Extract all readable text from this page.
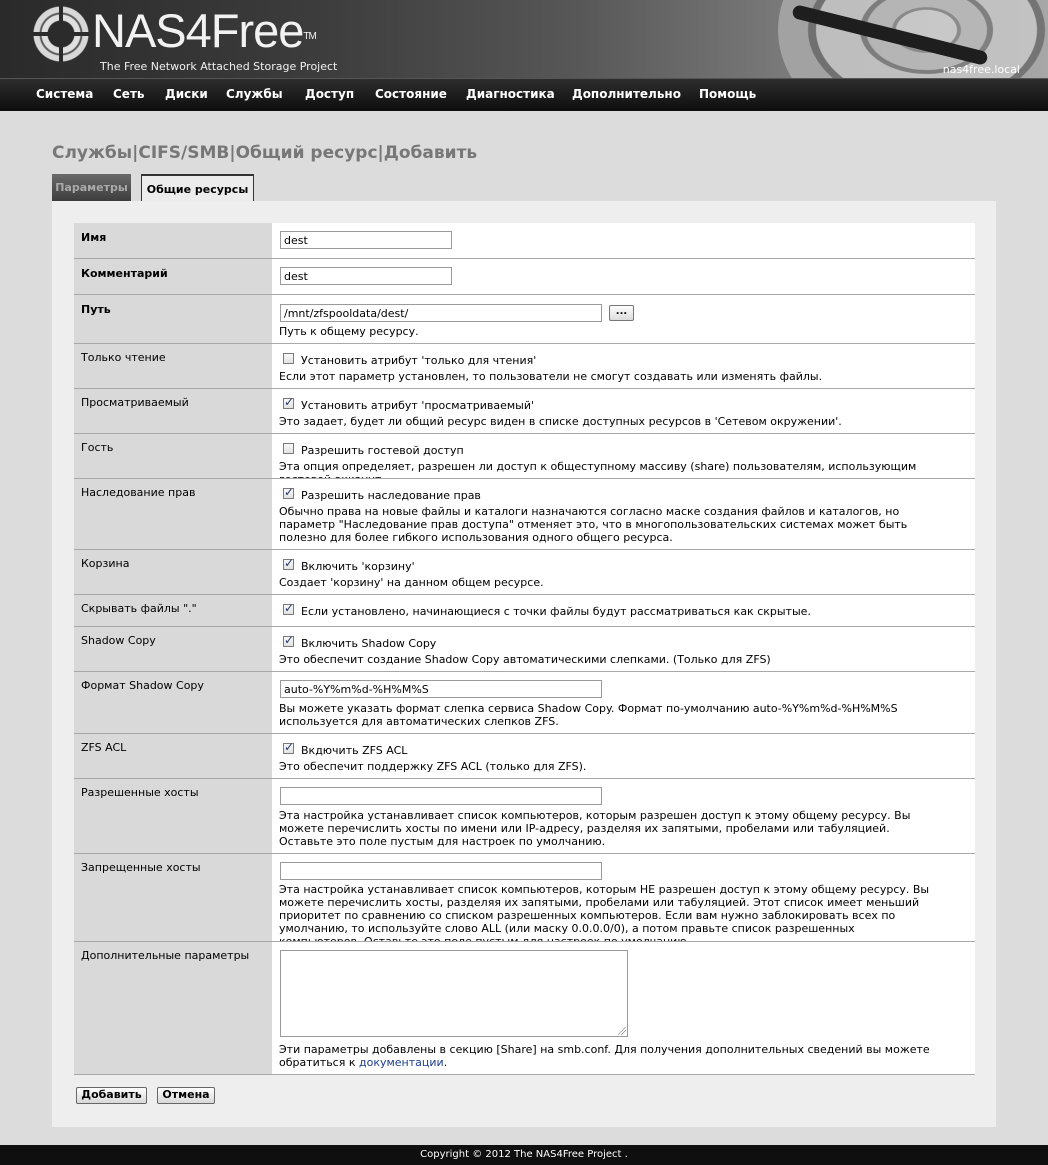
NAS4Free™
The Free Network Attached Storage Project	nas4free.local
Система Сеть Диски Службы Доступ Состояние Диагностика Дополнительно Помощь
Службы|CIFS/SMB|Общий ресурс|Добавить
Параметры	Общие ресурсы
Имя	dest
Комментарий	dest
Путь	/mnt/zfspooldata/dest/	...
Путь к общему ресурсу.
Только чтение	Установить атрибут 'только для чтения'
Если этот параметр установлен, то пользователи не смогут создавать или изменять файлы.
Просматриваемый ✓	Установить атрибут 'просматриваемый'
Это задает, будет ли общий ресурс виден в списке доступных ресурсов в 'Сетевом окружении'.
Гость	Разрешить гостевой доступ
Эта опция определяет, разрешен ли доступ к общеступному массиву (share) пользователям, использующим
Наследование прав ✓	Разрешить наследование прав
Обычно права на новые файлы и каталоги назначаются согласно маске создания файлов и каталогов, но параметр "Наследование прав доступа" отменяет это, что в многопользовательских системах может быть полезно для более гибкого использования одного общего ресурса.
Корзина ✓	Включить 'корзину'
Создает 'корзину' на данном общем ресурсе.
Скрывать файлы "." ✓	Если установлено, начинающиеся с точки файлы будут рассматриваться как скрытые.
Shadow Copy ✓	Включить Shadow Copy
Это обеспечит создание Shadow Copy автоматическими слепками. (Только для ZFS)
Формат Shadow Copy	auto-%Y%m%d-%H%M%S
Вы можете указать формат слепка сервиса Shadow Copy. Формат по-умолчанию auto-%Y%m%d-%H%M%S используется для автоматических слепков ZFS.
ZFS ACL ✓	Вкдючить ZFS ACL
Это обеспечит поддержку ZFS ACL (только для ZFS).
Разрешенные хосты
Эта настройка устанавливает список компьютеров, которым разрешен доступ к этому общему ресурсу. Вы можете перечислить хосты по имени или IP-адресу, разделяя их запятыми, пробелами или табуляцией. Оставьте это поле пустым для настроек по умолчанию.
Запрещенные хосты
Эта настройка устанавливает список компьютеров, которым НЕ разрешен доступ к этому общему ресурсу. Вы можете перечислить хосты, разделяя их запятыми, пробелами или табуляцией. Этот список имеет меньший приоритет по сравнению со списком разрешенных компьютеров. Если вам нужно заблокировать всех по умолчанию, то используйте слово ALL (или маску 0.0.0.0/0), а потом правьте список разрешенных
Дополнительные параметры
Эти параметры добавлены в секцию [Share] на smb.conf. Для получения дополнительных сведений вы можете обратиться к документации.
Добавить	Отмена
Copyright © 2012 The NAS4Free Project .
